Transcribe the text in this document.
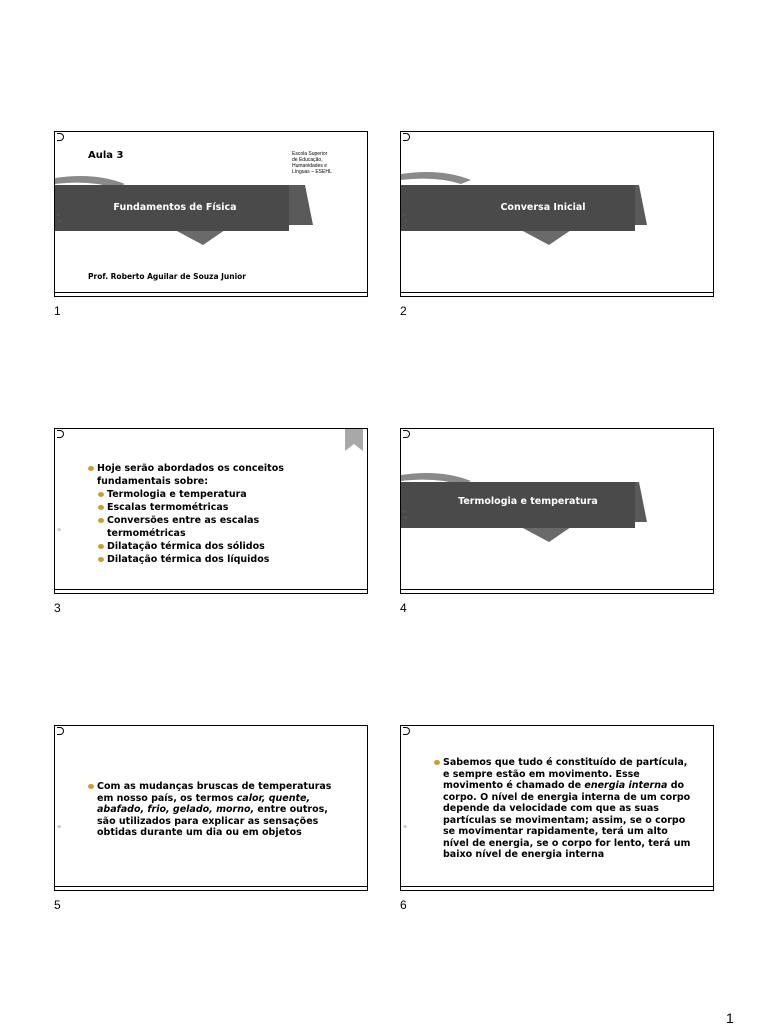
Fundamentos de Física
Aula 3	Escola Superior
de Educação,
Humanidades e
Línguas – ESEHL
Prof. Roberto Aguilar de Souza Junior
▶
◀
∞
1
Conversa Inicial
▶
◀
∞
2
Hoje serão abordados os conceitos fundamentais sobre:
Termologia e temperatura
Escalas termométricas
Conversões entre as escalas termométricas
Dilatação térmica dos sólidos
Dilatação térmica dos líquidos
∞
3
Termologia e temperatura
▶
◀
∞
4
Com as mudanças bruscas de temperaturas em nosso país, os termos calor, quente, abafado, frio, gelado, morno, entre outros, são utilizados para explicar as sensações obtidas durante um dia ou em objetos
∞
5
Sabemos que tudo é constituído de partícula, e sempre estão em movimento. Esse movimento é chamado de energia interna do corpo. O nível de energia interna de um corpo depende da velocidade com que as suas partículas se movimentam; assim, se o corpo se movimentar rapidamente, terá um alto nível de energia, se o corpo for lento, terá um baixo nível de energia interna
∞
6
1
